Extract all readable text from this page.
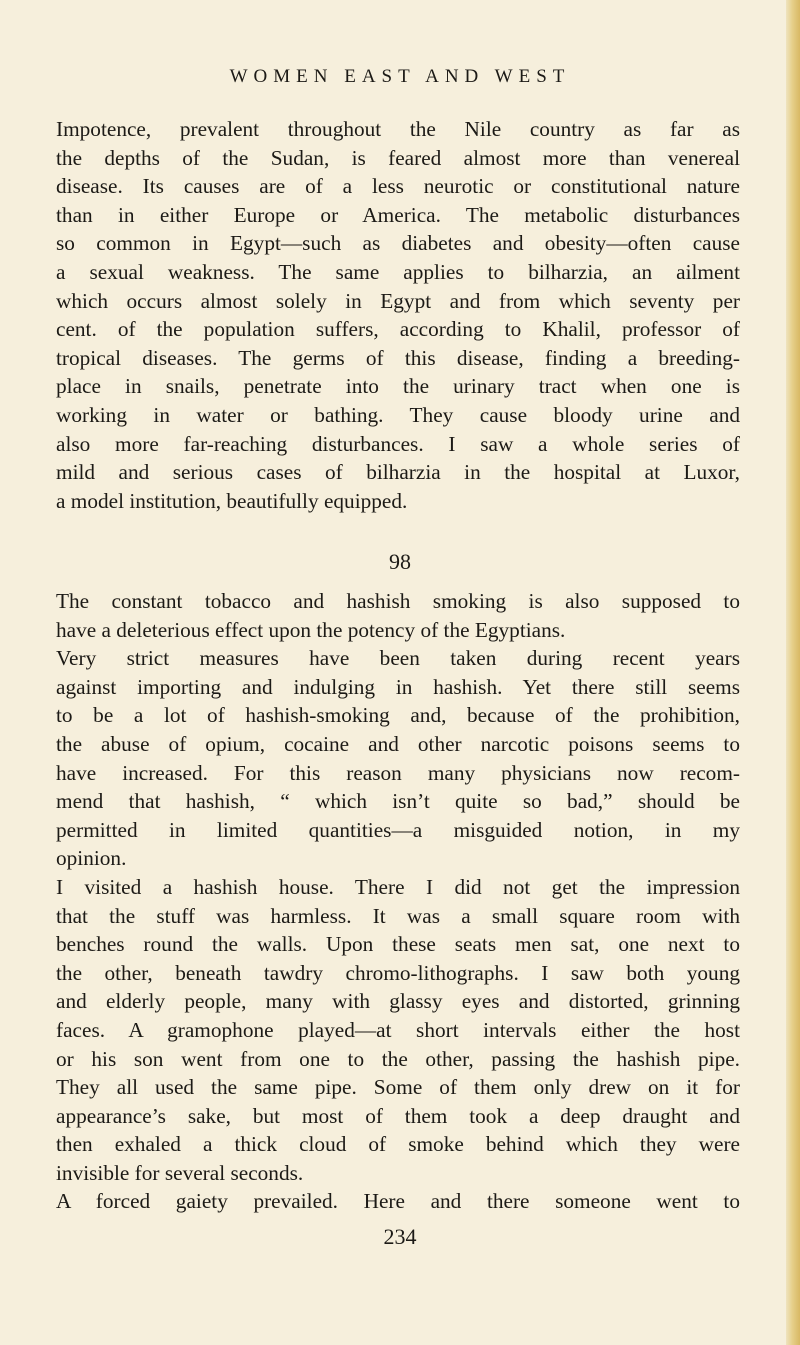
WOMEN EAST AND WEST

Impotence, prevalent throughout the Nile country as far as
the depths of the Sudan, is feared almost more than venereal
disease. Its causes are of a less neurotic or constitutional nature
than in either Europe or America. The metabolic disturbances
so common in Egypt—such as diabetes and obesity—often cause
a sexual weakness. The same applies to bilharzia, an ailment
which occurs almost solely in Egypt and from which seventy per
cent. of the population suffers, according to Khalil, professor of
tropical diseases. The germs of this disease, finding a breeding-
place in snails, penetrate into the urinary tract when one is
working in water or bathing. They cause bloody urine and
also more far-reaching disturbances. I saw a whole series of
mild and serious cases of bilharzia in the hospital at Luxor,
a model institution, beautifully equipped.

98

The constant tobacco and hashish smoking is also supposed to
have a deleterious effect upon the potency of the Egyptians.

Very strict measures have been taken during recent years
against importing and indulging in hashish. Yet there still seems
to be a lot of hashish-smoking and, because of the prohibition,
the abuse of opium, cocaine and other narcotic poisons seems to
have increased. For this reason many physicians now recom-
mend that hashish, “ which isn’t quite so bad,” should be
permitted in limited quantities—a misguided notion, in my
opinion.

I visited a hashish house. There I did not get the impression
that the stuff was harmless. It was a small square room with
benches round the walls. Upon these seats men sat, one next to
the other, beneath tawdry chromo-lithographs. I saw both young
and elderly people, many with glassy eyes and distorted, grinning
faces. A gramophone played—at short intervals either the host
or his son went from one to the other, passing the hashish pipe.
They all used the same pipe. Some of them only drew on it for
appearance’s sake, but most of them took a deep draught and
then exhaled a thick cloud of smoke behind which they were
invisible for several seconds.

A forced gaiety prevailed. Here and there someone went to

234
